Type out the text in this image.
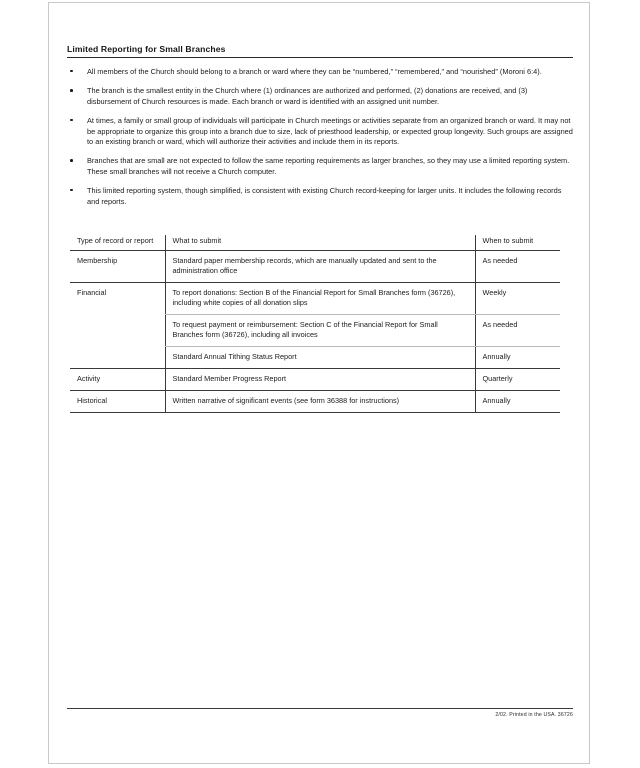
Limited Reporting for Small Branches
All members of the Church should belong to a branch or ward where they can be “numbered,” “remembered,” and “nourished” (Moroni 6:4).
The branch is the smallest entity in the Church where (1) ordinances are authorized and performed, (2) donations are received, and (3) disbursement of Church resources is made. Each branch or ward is identified with an assigned unit number.
At times, a family or small group of individuals will participate in Church meetings or activities separate from an organized branch or ward. It may not be appropriate to organize this group into a branch due to size, lack of priesthood leadership, or expected group longevity. Such groups are assigned to an existing branch or ward, which will authorize their activities and include them in its reports.
Branches that are small are not expected to follow the same reporting requirements as larger branches, so they may use a limited reporting system. These small branches will not receive a Church computer.
This limited reporting system, though simplified, is consistent with existing Church record-keeping for larger units. It includes the following records and reports.
Type of record or report	What to submit	When to submit
Membership	Standard paper membership records, which are manually updated and sent to the administration office	As needed
Financial	To report donations: Section B of the Financial Report for Small Branches form (36726), including white copies of all donation slips	Weekly
	To request payment or reimbursement: Section C of the Financial Report for Small Branches form (36726), including all invoices	As needed
	Standard Annual Tithing Status Report	Annually
Activity	Standard Member Progress Report	Quarterly
Historical	Written narrative of significant events (see form 36388 for instructions)	Annually
2/02. Printed in the USA. 36726
